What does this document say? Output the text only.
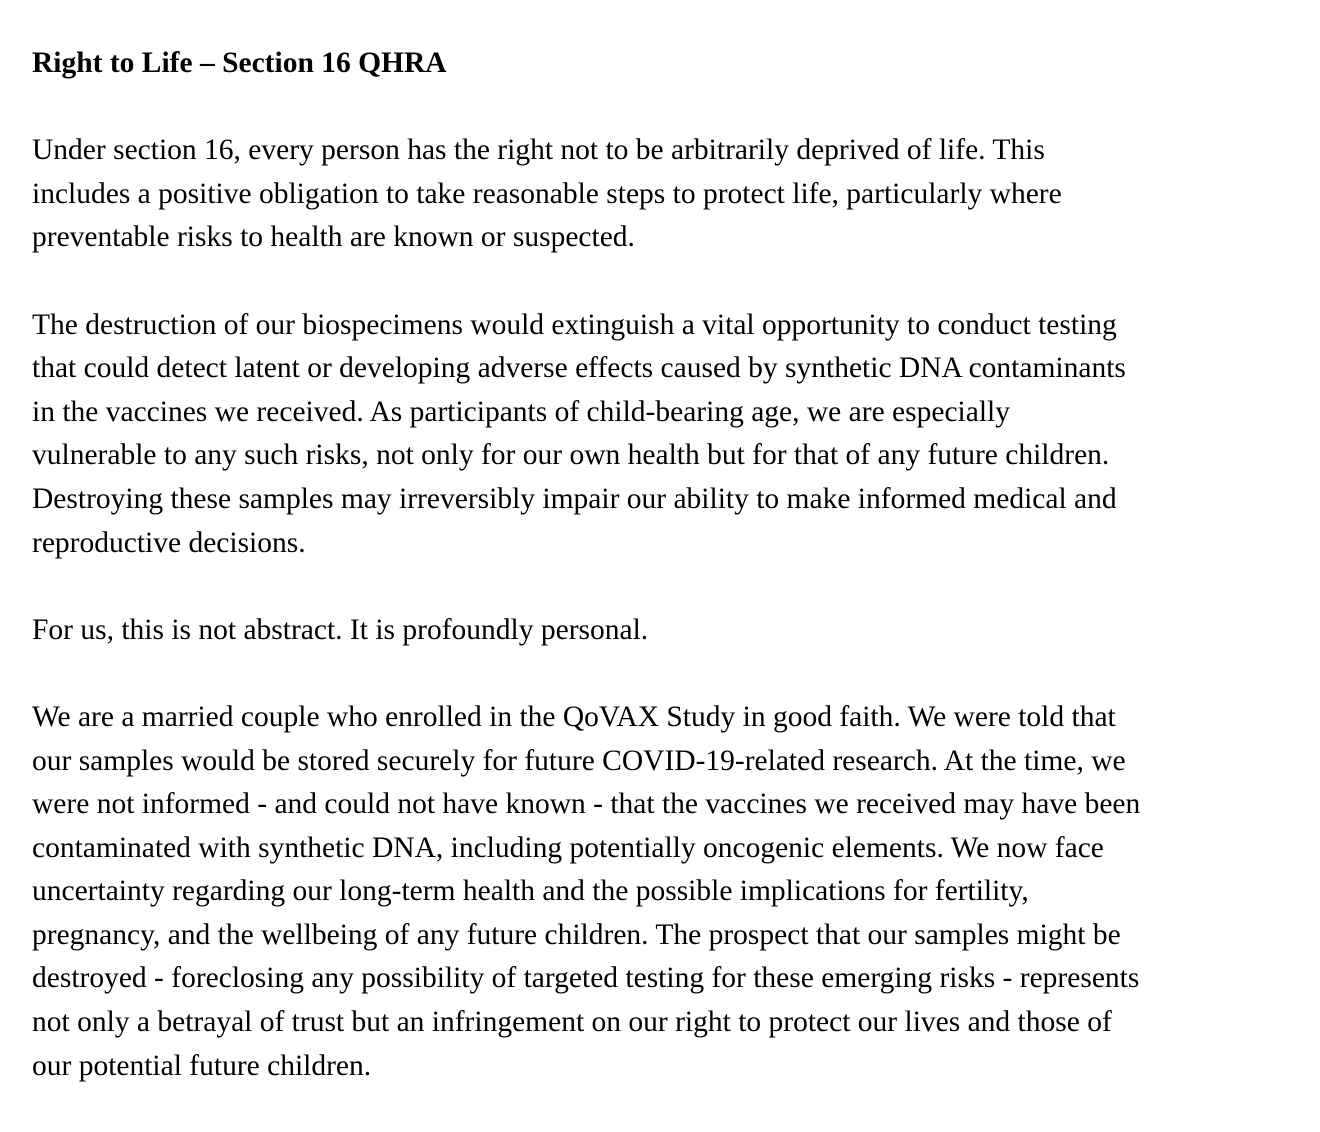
Right to Life – Section 16 QHRA

Under section 16, every person has the right not to be arbitrarily deprived of life. This
includes a positive obligation to take reasonable steps to protect life, particularly where
preventable risks to health are known or suspected.

The destruction of our biospecimens would extinguish a vital opportunity to conduct testing
that could detect latent or developing adverse effects caused by synthetic DNA contaminants
in the vaccines we received. As participants of child-bearing age, we are especially
vulnerable to any such risks, not only for our own health but for that of any future children.
Destroying these samples may irreversibly impair our ability to make informed medical and
reproductive decisions.

For us, this is not abstract. It is profoundly personal.

We are a married couple who enrolled in the QoVAX Study in good faith. We were told that
our samples would be stored securely for future COVID-19-related research. At the time, we
were not informed - and could not have known - that the vaccines we received may have been
contaminated with synthetic DNA, including potentially oncogenic elements. We now face
uncertainty regarding our long-term health and the possible implications for fertility,
pregnancy, and the wellbeing of any future children. The prospect that our samples might be
destroyed - foreclosing any possibility of targeted testing for these emerging risks - represents
not only a betrayal of trust but an infringement on our right to protect our lives and those of
our potential future children.
